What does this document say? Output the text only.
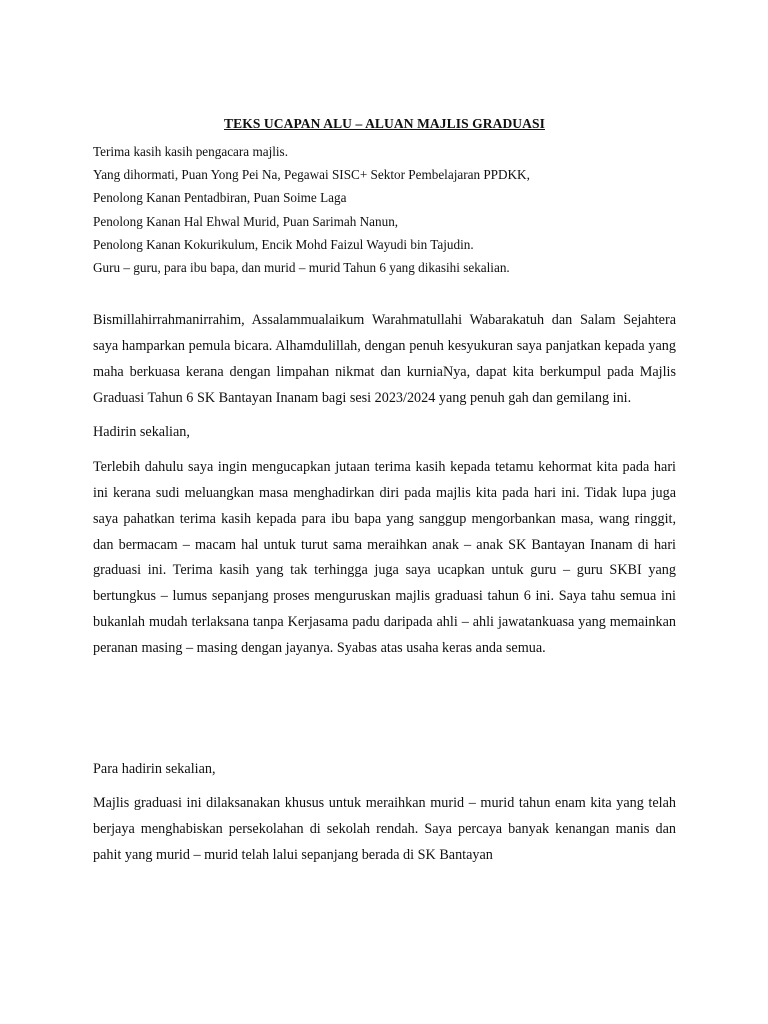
TEKS UCAPAN ALU – ALUAN MAJLIS GRADUASI
Terima kasih kasih pengacara majlis.
Yang dihormati, Puan Yong Pei Na, Pegawai SISC+ Sektor Pembelajaran PPDKK,
Penolong Kanan Pentadbiran, Puan Soime Laga
Penolong Kanan Hal Ehwal Murid, Puan Sarimah Nanun,
Penolong Kanan Kokurikulum, Encik Mohd Faizul Wayudi bin Tajudin.
Guru – guru, para ibu bapa, dan murid – murid Tahun 6 yang dikasihi sekalian.

Bismillahirrahmanirrahim, Assalammualaikum Warahmatullahi Wabarakatuh dan Salam Sejahtera saya hamparkan pemula bicara. Alhamdulillah, dengan penuh kesyukuran saya panjatkan kepada yang maha berkuasa kerana dengan limpahan nikmat dan kurniaNya, dapat kita berkumpul pada Majlis Graduasi Tahun 6 SK Bantayan Inanam bagi sesi 2023/2024 yang penuh gah dan gemilang ini.

Hadirin sekalian,

Terlebih dahulu saya ingin mengucapkan jutaan terima kasih kepada tetamu kehormat kita pada hari ini kerana sudi meluangkan masa menghadirkan diri pada majlis kita pada hari ini. Tidak lupa juga saya pahatkan terima kasih kepada para ibu bapa yang sanggup mengorbankan masa, wang ringgit, dan bermacam – macam hal untuk turut sama meraihkan anak – anak SK Bantayan Inanam di hari graduasi ini. Terima kasih yang tak terhingga juga saya ucapkan untuk guru – guru SKBI yang bertungkus – lumus sepanjang proses menguruskan majlis graduasi tahun 6 ini. Saya tahu semua ini bukanlah mudah terlaksana tanpa Kerjasama padu daripada ahli – ahli jawatankuasa yang memainkan peranan masing – masing dengan jayanya. Syabas atas usaha keras anda semua.

Para hadirin sekalian,

Majlis graduasi ini dilaksanakan khusus untuk meraihkan murid – murid tahun enam kita yang telah berjaya menghabiskan persekolahan di sekolah rendah. Saya percaya banyak kenangan manis dan pahit yang murid – murid telah lalui sepanjang berada di SK Bantayan
